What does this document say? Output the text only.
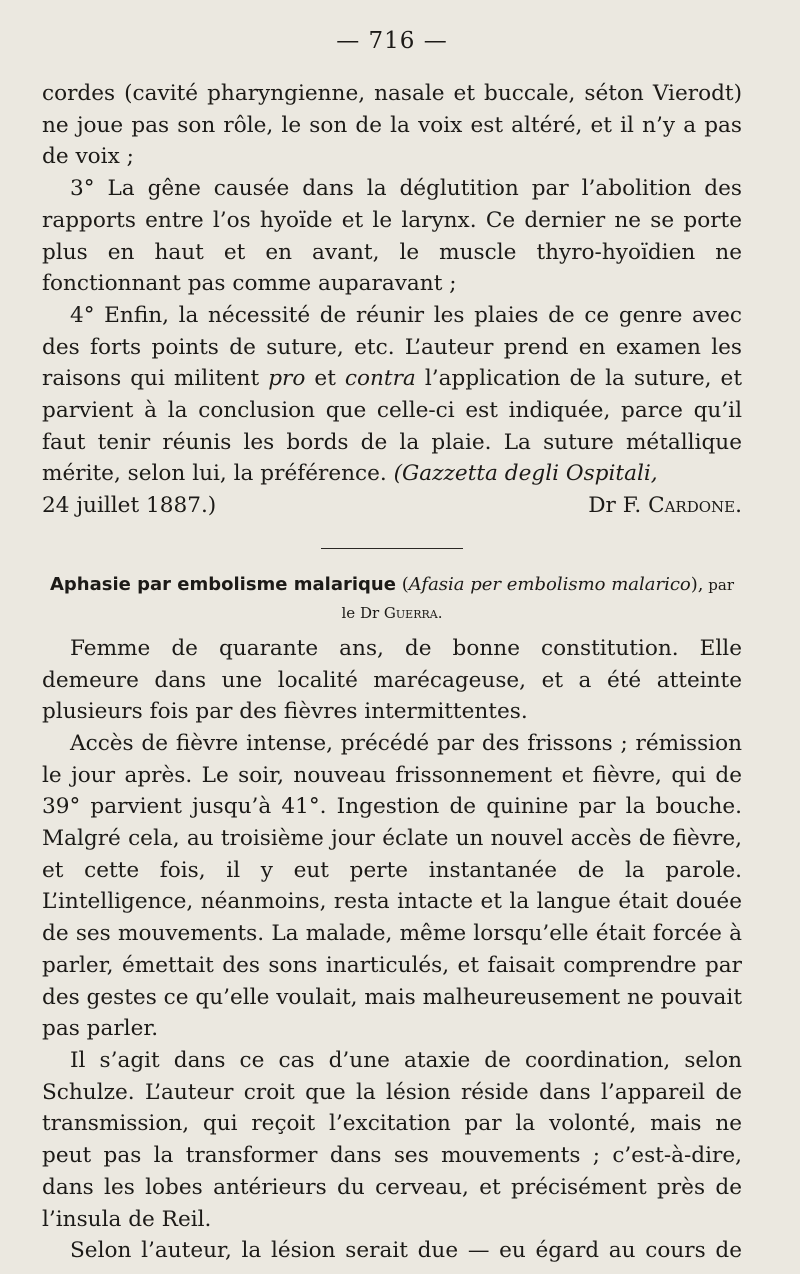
— 716 —

cordes (cavité pharyngienne, nasale et buccale, séton Vierodt) ne joue pas son rôle, le son de la voix est altéré, et il n’y a pas de voix ;

3° La gêne causée dans la déglutition par l’abolition des rapports entre l’os hyoïde et le larynx. Ce dernier ne se porte plus en haut et en avant, le muscle thyro-hyoïdien ne fonctionnant pas comme auparavant ;

4° Enfin, la nécessité de réunir les plaies de ce genre avec des forts points de suture, etc. L’auteur prend en examen les raisons qui militent pro et contra l’application de la suture, et parvient à la conclusion que celle-ci est indiquée, parce qu’il faut tenir réunis les bords de la plaie. La suture métallique mérite, selon lui, la préférence. (Gazzetta degli Ospitali,

24 juillet 1887.)	Dr F. Cardone.
Aphasie par embolisme malarique (Afasia per embolismo malarico), par le Dr Guerra.

Femme de quarante ans, de bonne constitution. Elle demeure dans une localité marécageuse, et a été atteinte plusieurs fois par des fièvres intermittentes.

Accès de fièvre intense, précédé par des frissons ; rémission le jour après. Le soir, nouveau frissonnement et fièvre, qui de 39° parvient jusqu’à 41°. Ingestion de quinine par la bouche. Malgré cela, au troisième jour éclate un nouvel accès de fièvre, et cette fois, il y eut perte instantanée de la parole. L’intelligence, néanmoins, resta intacte et la langue était douée de ses mouvements. La malade, même lorsqu’elle était forcée à parler, émettait des sons inarticulés, et faisait comprendre par des gestes ce qu’elle voulait, mais malheureusement ne pouvait pas parler.

Il s’agit dans ce cas d’une ataxie de coordination, selon Schulze. L’auteur croit que la lésion réside dans l’appareil de transmission, qui reçoit l’excitation par la volonté, mais ne peut pas la transformer dans ses mouvements ; c’est-à-dire, dans les lobes antérieurs du cerveau, et précisément près de l’insula de Reil.

Selon l’auteur, la lésion serait due — eu égard au cours de
